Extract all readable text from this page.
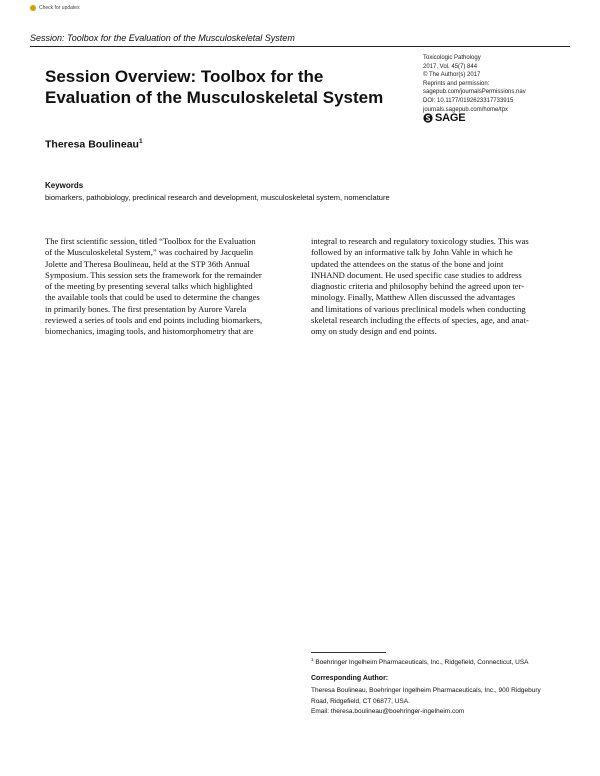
Check for updates
Session: Toolbox for the Evaluation of the Musculoskeletal System
Session Overview: Toolbox for the
Evaluation of the Musculoskeletal System
Toxicologic Pathology
2017, Vol. 45(7) 844
© The Author(s) 2017
Reprints and permission:
sagepub.com/journalsPermissions.nav
DOI: 10.1177/0192623317733915
journals.sagepub.com/home/tpx
SAGE
Theresa Boulineau$^1$
Keywords
biomarkers, pathobiology, preclinical research and development, musculoskeletal system, nomenclature
The first scientific session, titled “Toolbox for the Evaluation
of the Musculoskeletal System,” was cochaired by Jacquelin
Jolette and Theresa Boulineau, held at the STP 36th Annual
Symposium. This session sets the framework for the remainder
of the meeting by presenting several talks which highlighted
the available tools that could be used to determine the changes
in primarily bones. The first presentation by Aurore Varela
reviewed a series of tools and end points including biomarkers,
biomechanics, imaging tools, and histomorphometry that are
integral to research and regulatory toxicology studies. This was
followed by an informative talk by John Vahle in which he
updated the attendees on the status of the bone and joint
INHAND document. He used specific case studies to address
diagnostic criteria and philosophy behind the agreed upon ter-
minology. Finally, Matthew Allen discussed the advantages
and limitations of various preclinical models when conducting
skeletal research including the effects of species, age, and anat-
omy on study design and end points.
$^1$ Boehringer Ingelheim Pharmaceuticals, Inc., Ridgefield, Connecticut, USA
Corresponding Author:
Theresa Boulineau, Boehringer Ingelheim Pharmaceuticals, Inc., 900 Ridgebury
Road, Ridgefield, CT 06877, USA.
Email: theresa.boulineau@boehringer-ingelheim.com
